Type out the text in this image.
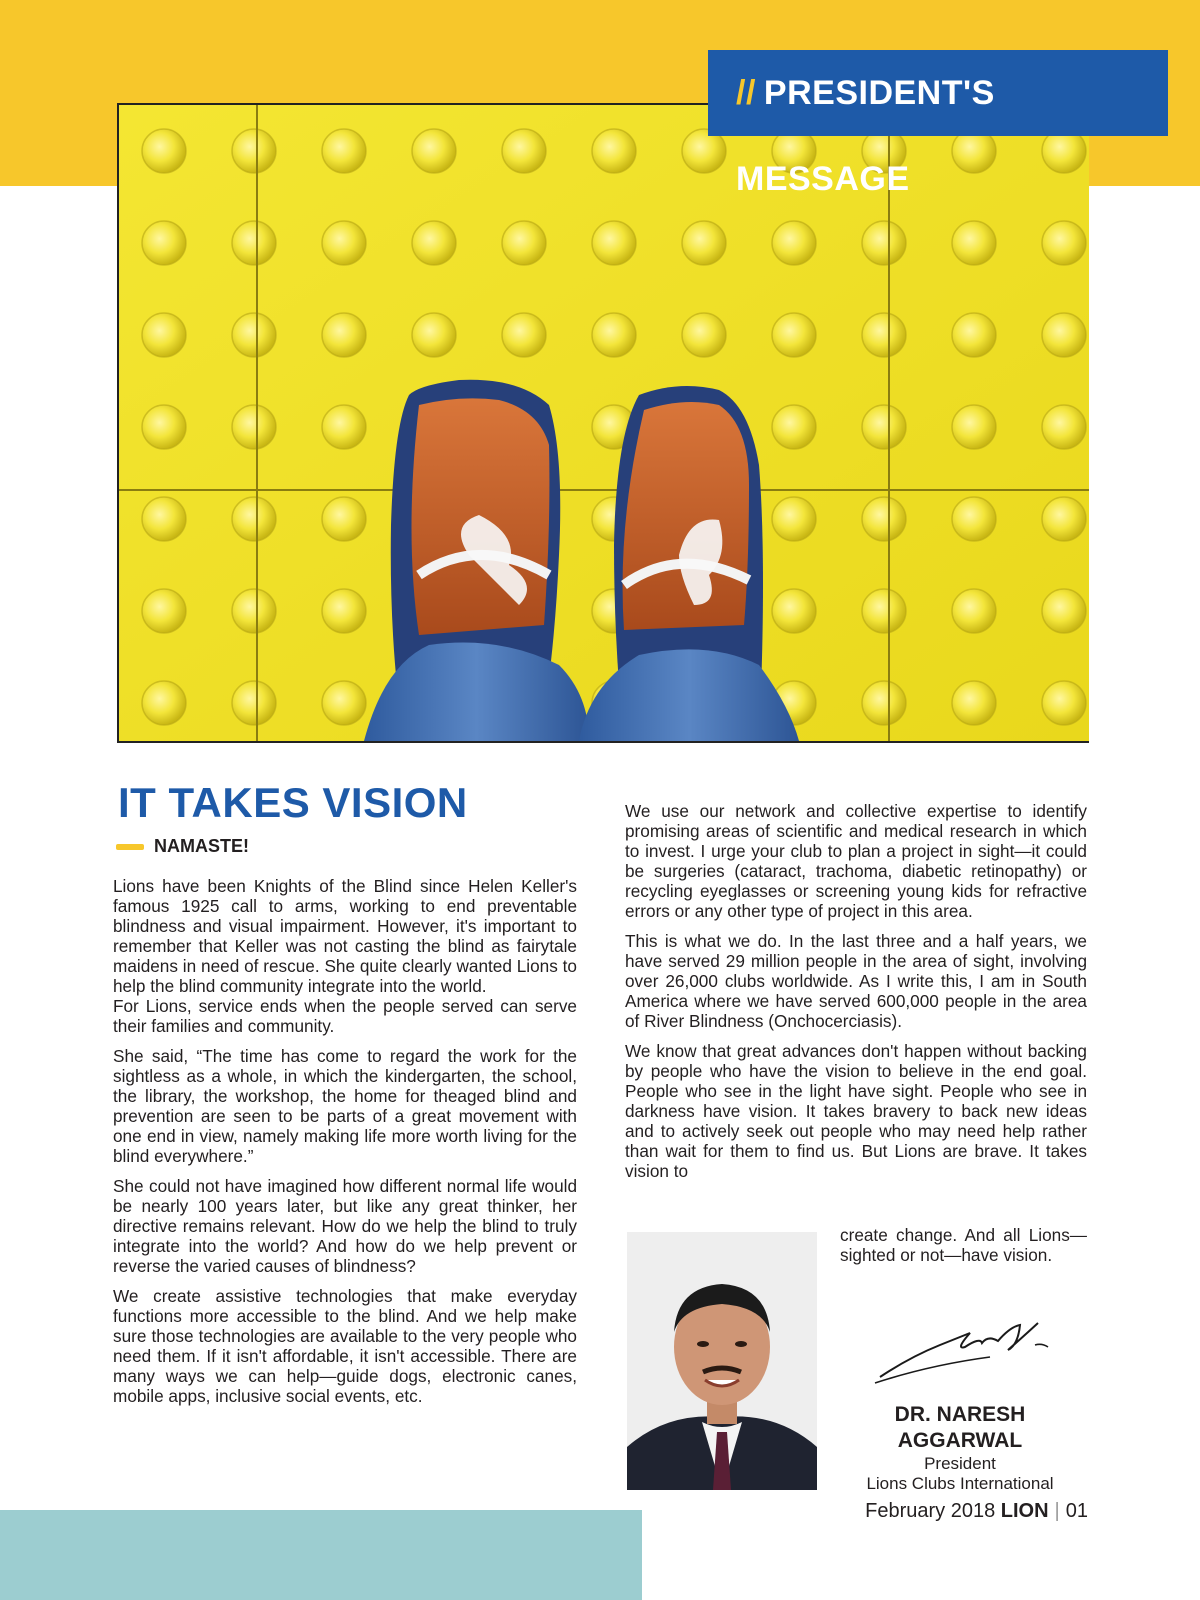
// PRESIDENT'S MESSAGE
IT TAKES VISION
NAMASTE!

Lions have been Knights of the Blind since Helen Keller's famous 1925 call to arms, working to end preventable blindness and visual impairment. However, it's important to remember that Keller was not casting the blind as fairytale maidens in need of rescue. She quite clearly wanted Lions to help the blind community integrate into the world.

For Lions, service ends when the people served can serve their families and community.

She said, “The time has come to regard the work for the sightless as a whole, in which the kindergarten, the school, the library, the workshop, the home for theaged blind and prevention are seen to be parts of a great movement with one end in view, namely making life more worth living for the blind everywhere.”

She could not have imagined how different normal life would be nearly 100 years later, but like any great thinker, her directive remains relevant. How do we help the blind to truly integrate into the world? And how do we help prevent or reverse the varied causes of blindness?

We create assistive technologies that make everyday functions more accessible to the blind. And we help make sure those technologies are available to the very people who need them. If it isn't affordable, it isn't accessible. There are many ways we can help—guide dogs, electronic canes, mobile apps, inclusive social events, etc.

We use our network and collective expertise to identify promising areas of scientific and medical research in which to invest. I urge your club to plan a project in sight—it could be surgeries (cataract, trachoma, diabetic retinopathy) or recycling eyeglasses or screening young kids for refractive errors or any other type of project in this area.

This is what we do. In the last three and a half years, we have served 29 million people in the area of sight, involving over 26,000 clubs worldwide. As I write this, I am in South America where we have served 600,000 people in the area of River Blindness (Onchocerciasis).

We know that great advances don't happen without backing by people who have the vision to believe in the end goal. People who see in the light have sight. People who see in darkness have vision. It takes bravery to back new ideas and to actively seek out people who may need help rather than wait for them to find us. But Lions are brave. It takes vision to

create change. And all Lions— sighted or not—have vision.
DR. NARESH AGGARWAL
President
Lions Clubs International
February 2018 LION | 01
